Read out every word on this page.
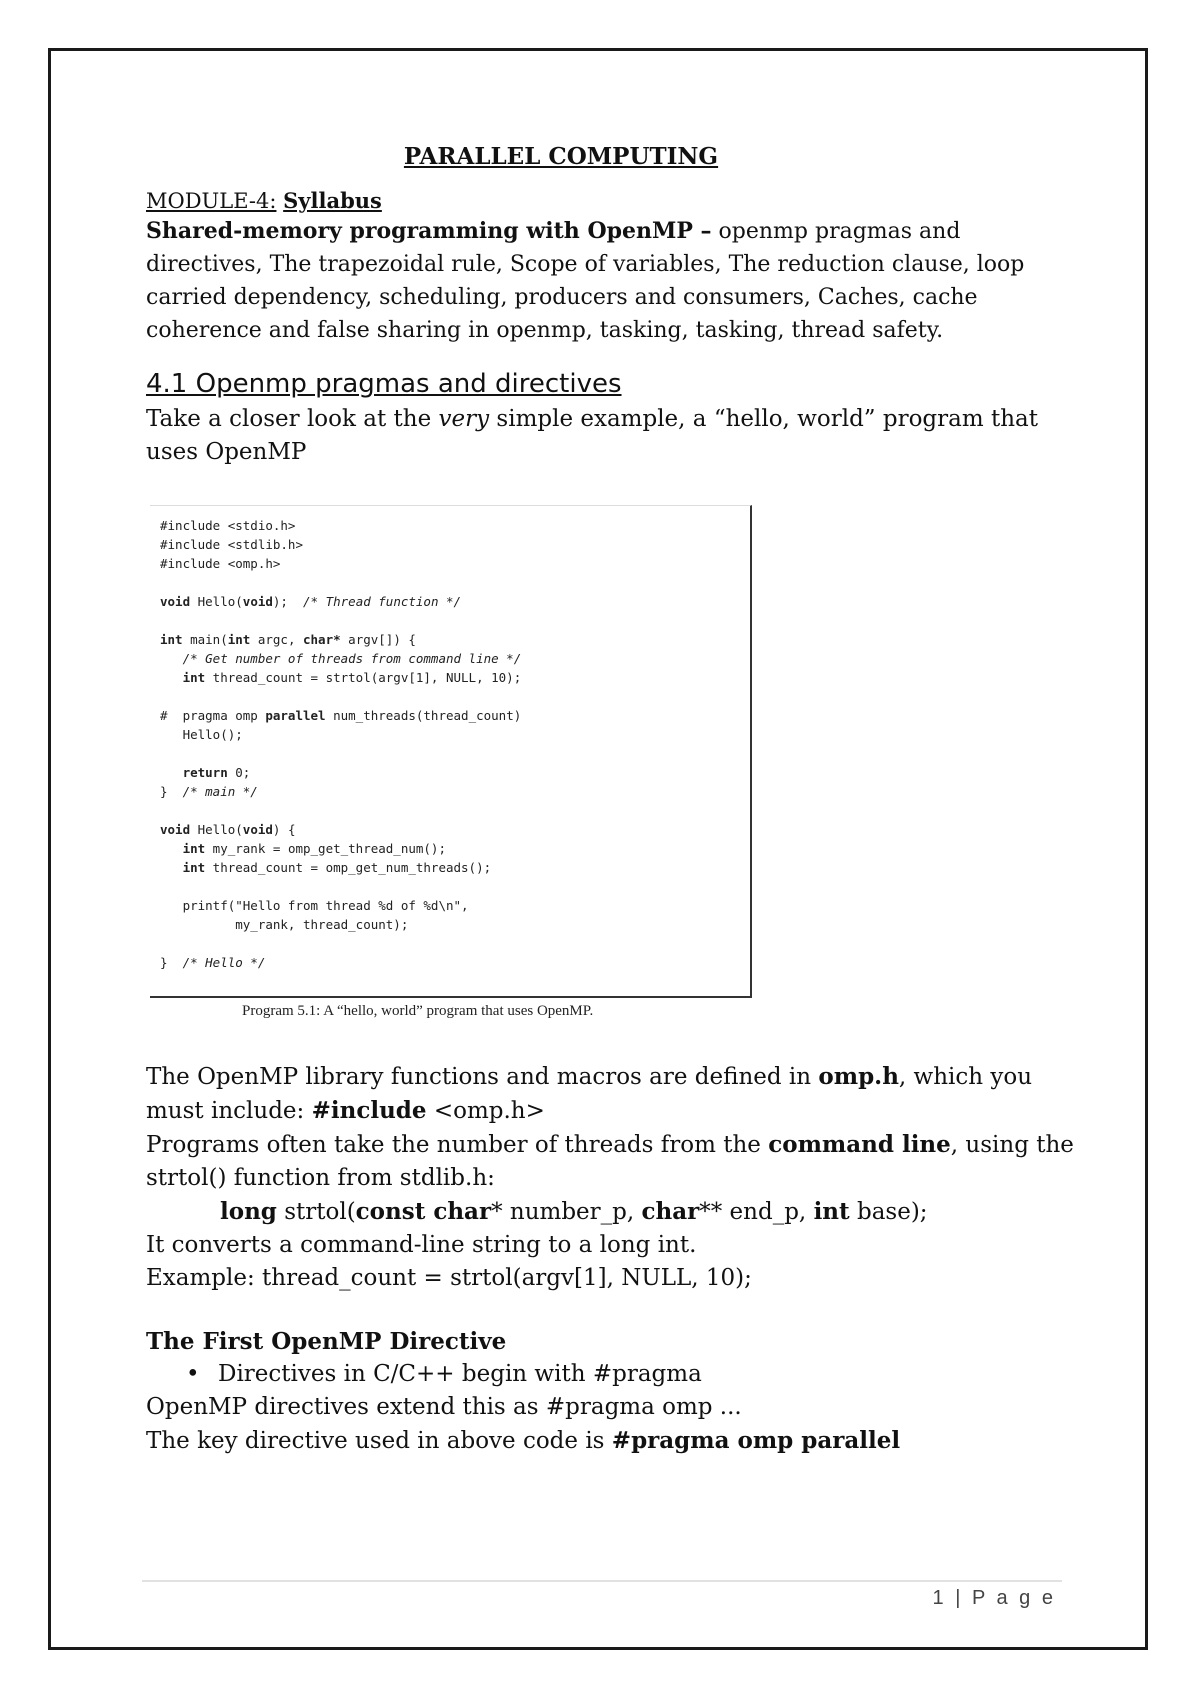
PARALLEL COMPUTING
MODULE-4: Syllabus
Shared-memory programming with OpenMP – openmp pragmas and directives, The trapezoidal rule, Scope of variables, The reduction clause, loop carried dependency, scheduling, producers and consumers, Caches, cache coherence and false sharing in openmp, tasking, tasking, thread safety.
4.1 Openmp pragmas and directives
Take a closer look at the very simple example, a “hello, world” program that uses OpenMP
#include <stdio.h>
#include <stdlib.h>
#include <omp.h>

void Hello(void);  /* Thread function */

int main(int argc, char* argv[]) {
/* Get number of threads from command line */
int thread_count = strtol(argv[1], NULL, 10);

#  pragma omp parallel num_threads(thread_count)
Hello();

return 0;
}  /* main */

void Hello(void) {
int my_rank = omp_get_thread_num();
int thread_count = omp_get_num_threads();

printf("Hello from thread %d of %d\n",
my_rank, thread_count);

}  /* Hello */
Program 5.1: A “hello, world” program that uses OpenMP.
The OpenMP library functions and macros are defined in omp.h, which you must include: #include <omp.h>
Programs often take the number of threads from the command line, using the strtol() function from stdlib.h:
long strtol(const char* number_p, char** end_p, int base);
It converts a command-line string to a long int.
Example: thread_count = strtol(argv[1], NULL, 10);
The First OpenMP Directive
• Directives in C/C++ begin with #pragma
OpenMP directives extend this as #pragma omp ...
The key directive used in above code is #pragma omp parallel
1 | P a g e
